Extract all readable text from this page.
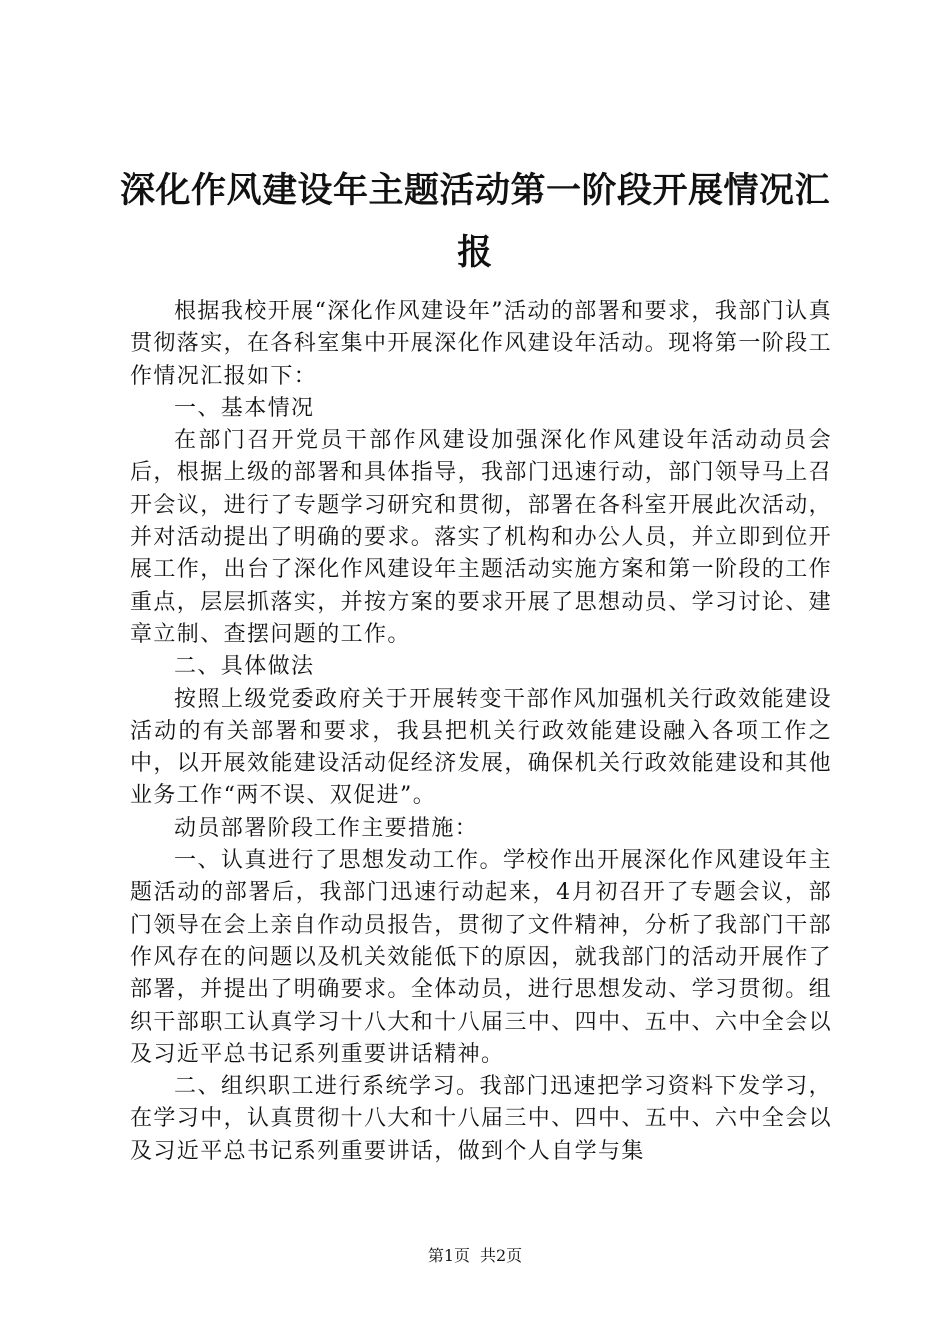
深化作风建设年主题活动第一阶段开展情况汇报

根据我校开展“深化作风建设年”活动的部署和要求，我部门认真贯彻落实，在各科室集中开展深化作风建设年活动。现将第一阶段工作情况汇报如下：

一、基本情况

在部门召开党员干部作风建设加强深化作风建设年活动动员会后，根据上级的部署和具体指导，我部门迅速行动，部门领导马上召开会议，进行了专题学习研究和贯彻，部署在各科室开展此次活动，并对活动提出了明确的要求。落实了机构和办公人员，并立即到位开展工作，出台了深化作风建设年主题活动实施方案和第一阶段的工作重点，层层抓落实，并按方案的要求开展了思想动员、学习讨论、建章立制、查摆问题的工作。

二、具体做法

按照上级党委政府关于开展转变干部作风加强机关行政效能建设活动的有关部署和要求，我县把机关行政效能建设融入各项工作之中，以开展效能建设活动促经济发展，确保机关行政效能建设和其他业务工作“两不误、双促进”。

动员部署阶段工作主要措施：

一、认真进行了思想发动工作。学校作出开展深化作风建设年主题活动的部署后，我部门迅速行动起来，4月初召开了专题会议，部门领导在会上亲自作动员报告，贯彻了文件精神，分析了我部门干部作风存在的问题以及机关效能低下的原因，就我部门的活动开展作了部署，并提出了明确要求。全体动员，进行思想发动、学习贯彻。组织干部职工认真学习十八大和十八届三中、四中、五中、六中全会以及习近平总书记系列重要讲话精神。

二、组织职工进行系统学习。我部门迅速把学习资料下发学习，在学习中，认真贯彻十八大和十八届三中、四中、五中、六中全会以及习近平总书记系列重要讲话，做到个人自学与集

第1页 共2页
